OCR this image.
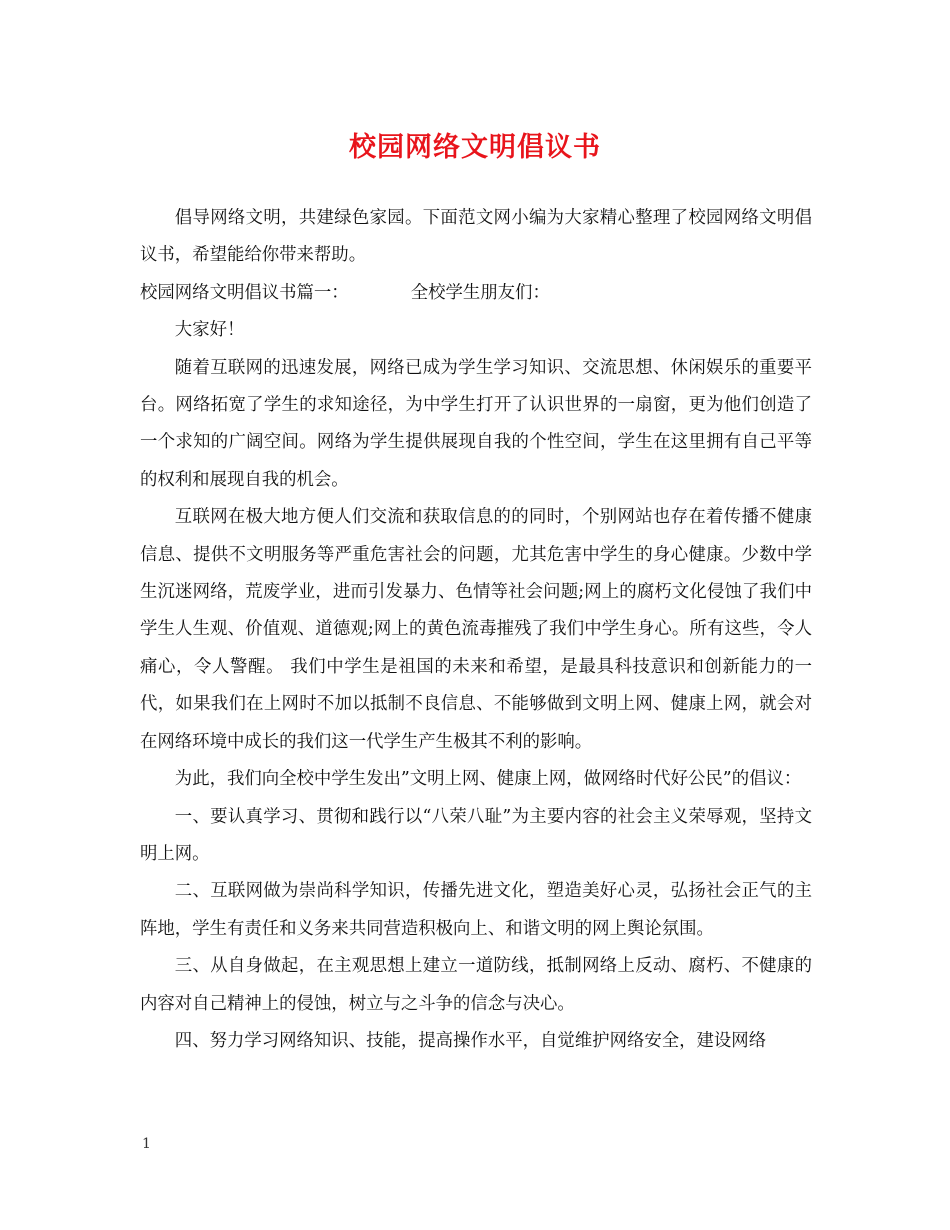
校园网络文明倡议书

倡导网络文明，共建绿色家园。下面范文网小编为大家精心整理了校园网络文明倡议书，希望能给你带来帮助。

校园网络文明倡议书篇一：	全校学生朋友们：

大家好！

随着互联网的迅速发展，网络已成为学生学习知识、交流思想、休闲娱乐的重要平台。网络拓宽了学生的求知途径，为中学生打开了认识世界的一扇窗，更为他们创造了一个求知的广阔空间。网络为学生提供展现自我的个性空间，学生在这里拥有自己平等的权利和展现自我的机会。

互联网在极大地方便人们交流和获取信息的的同时，个别网站也存在着传播不健康信息、提供不文明服务等严重危害社会的问题，尤其危害中学生的身心健康。少数中学生沉迷网络，荒废学业，进而引发暴力、色情等社会问题;网上的腐朽文化侵蚀了我们中学生人生观、价值观、道德观;网上的黄色流毒摧残了我们中学生身心。所有这些，令人痛心，令人警醒。 我们中学生是祖国的未来和希望，是最具科技意识和创新能力的一代，如果我们在上网时不加以抵制不良信息、不能够做到文明上网、健康上网，就会对在网络环境中成长的我们这一代学生产生极其不利的影响。

为此，我们向全校中学生发出”文明上网、健康上网，做网络时代好公民”的倡议：

一、要认真学习、贯彻和践行以“八荣八耻”为主要内容的社会主义荣辱观，坚持文明上网。

二、互联网做为崇尚科学知识，传播先进文化，塑造美好心灵，弘扬社会正气的主阵地，学生有责任和义务来共同营造积极向上、和谐文明的网上舆论氛围。

三、从自身做起，在主观思想上建立一道防线，抵制网络上反动、腐朽、不健康的内容对自己精神上的侵蚀，树立与之斗争的信念与决心。

四、努力学习网络知识、技能，提高操作水平，自觉维护网络安全，建设网络

1
